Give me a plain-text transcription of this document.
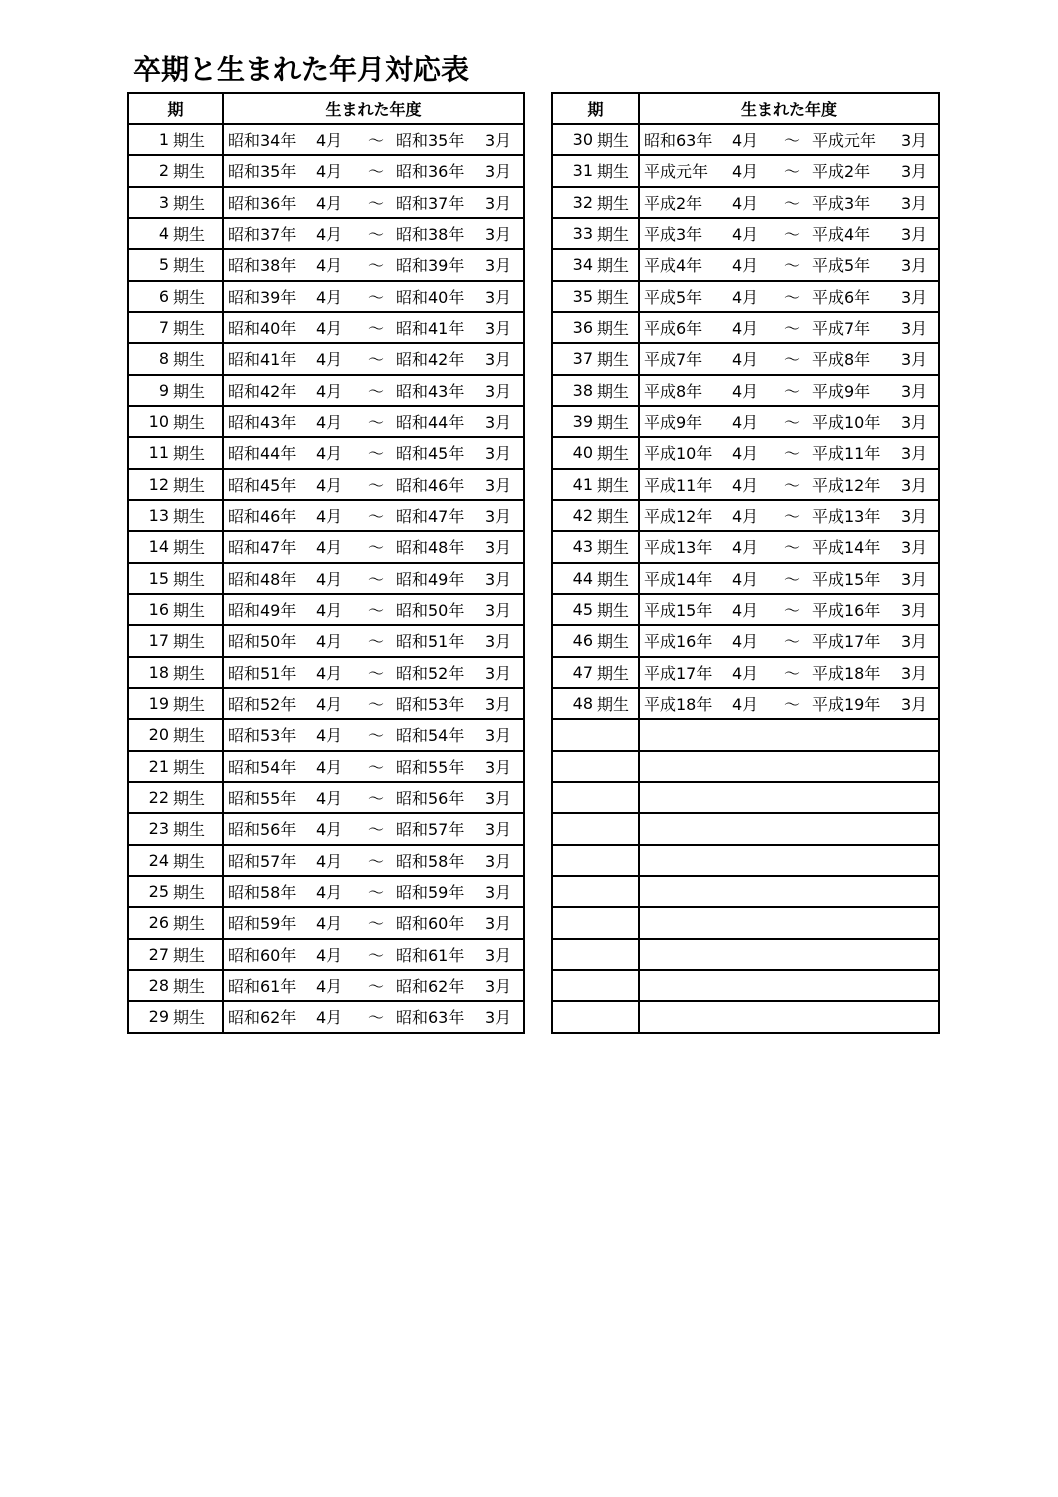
卒期と生まれた年月対応表
期	生まれた年度
1 期生 昭和34年 4月 〜 昭和35年 3月
2 期生 昭和35年 4月 〜 昭和36年 3月
3 期生 昭和36年 4月 〜 昭和37年 3月
4 期生 昭和37年 4月 〜 昭和38年 3月
5 期生 昭和38年 4月 〜 昭和39年 3月
6 期生 昭和39年 4月 〜 昭和40年 3月
7 期生 昭和40年 4月 〜 昭和41年 3月
8 期生 昭和41年 4月 〜 昭和42年 3月
9 期生 昭和42年 4月 〜 昭和43年 3月
10 期生 昭和43年 4月 〜 昭和44年 3月
11 期生 昭和44年 4月 〜 昭和45年 3月
12 期生 昭和45年 4月 〜 昭和46年 3月
13 期生 昭和46年 4月 〜 昭和47年 3月
14 期生 昭和47年 4月 〜 昭和48年 3月
15 期生 昭和48年 4月 〜 昭和49年 3月
16 期生 昭和49年 4月 〜 昭和50年 3月
17 期生 昭和50年 4月 〜 昭和51年 3月
18 期生 昭和51年 4月 〜 昭和52年 3月
19 期生 昭和52年 4月 〜 昭和53年 3月
20 期生 昭和53年 4月 〜 昭和54年 3月
21 期生 昭和54年 4月 〜 昭和55年 3月
22 期生 昭和55年 4月 〜 昭和56年 3月
23 期生 昭和56年 4月 〜 昭和57年 3月
24 期生 昭和57年 4月 〜 昭和58年 3月
25 期生 昭和58年 4月 〜 昭和59年 3月
26 期生 昭和59年 4月 〜 昭和60年 3月
27 期生 昭和60年 4月 〜 昭和61年 3月
28 期生 昭和61年 4月 〜 昭和62年 3月
29 期生 昭和62年 4月 〜 昭和63年 3月
期	生まれた年度
30 期生 昭和63年 4月 〜 平成元年 3月
31 期生 平成元年 4月 〜 平成2年 3月
32 期生 平成2年 4月 〜 平成3年 3月
33 期生 平成3年 4月 〜 平成4年 3月
34 期生 平成4年 4月 〜 平成5年 3月
35 期生 平成5年 4月 〜 平成6年 3月
36 期生 平成6年 4月 〜 平成7年 3月
37 期生 平成7年 4月 〜 平成8年 3月
38 期生 平成8年 4月 〜 平成9年 3月
39 期生 平成9年 4月 〜 平成10年 3月
40 期生 平成10年 4月 〜 平成11年 3月
41 期生 平成11年 4月 〜 平成12年 3月
42 期生 平成12年 4月 〜 平成13年 3月
43 期生 平成13年 4月 〜 平成14年 3月
44 期生 平成14年 4月 〜 平成15年 3月
45 期生 平成15年 4月 〜 平成16年 3月
46 期生 平成16年 4月 〜 平成17年 3月
47 期生 平成17年 4月 〜 平成18年 3月
48 期生 平成18年 4月 〜 平成19年 3月
